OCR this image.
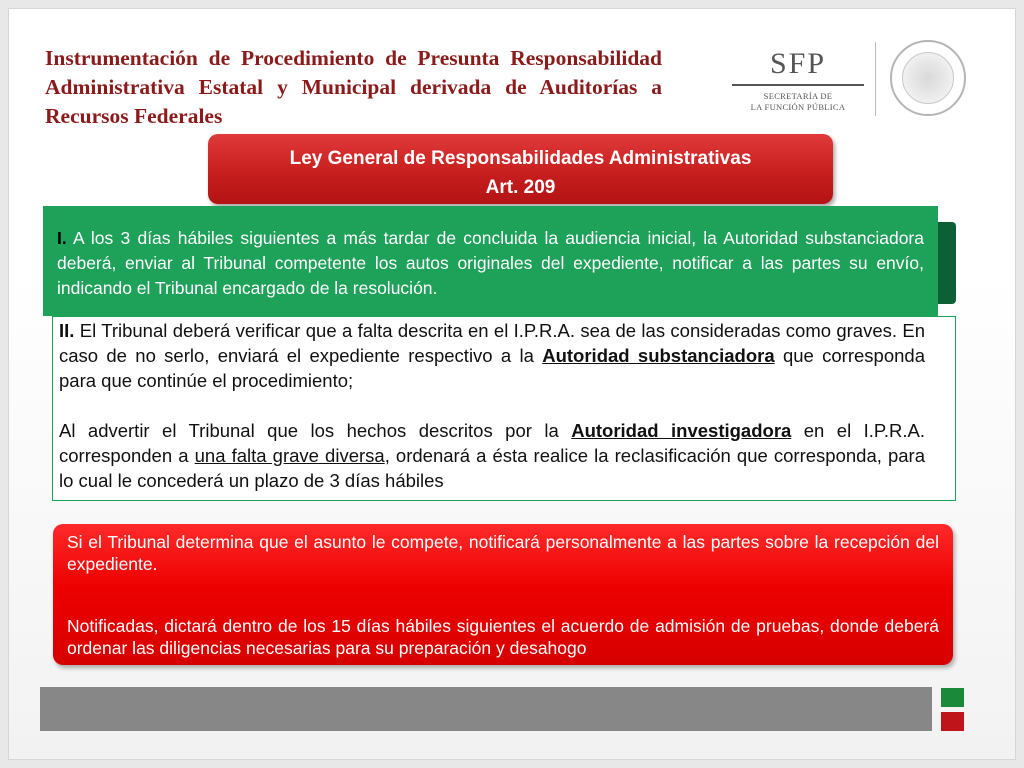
Instrumentación de Procedimiento de Presunta Responsabilidad Administrativa Estatal y Municipal derivada de Auditorías a Recursos Federales
SFP
SECRETARÍA DE
LA FUNCIÓN PÚBLICA
Ley General de Responsabilidades Administrativas
Art. 209
I. A los 3 días hábiles siguientes a más tardar de concluida la audiencia inicial, la Autoridad substanciadora deberá, enviar al Tribunal competente los autos originales del expediente, notificar a las partes su envío, indicando el Tribunal encargado de la resolución.

II. El Tribunal deberá verificar que a falta descrita en el I.P.R.A. sea de las consideradas como graves. En caso de no serlo, enviará el expediente respectivo a la Autoridad substanciadora que corresponda para que continúe el procedimiento;

Al advertir el Tribunal que los hechos descritos por la Autoridad investigadora en el I.P.R.A. corresponden a una falta grave diversa, ordenará a ésta realice la reclasificación que corresponda, para lo cual le concederá un plazo de 3 días hábiles

Si el Tribunal determina que el asunto le compete, notificará personalmente a las partes sobre la recepción del expediente.

Notificadas, dictará dentro de los 15 días hábiles siguientes el acuerdo de admisión de pruebas, donde deberá ordenar las diligencias necesarias para su preparación y desahogo
